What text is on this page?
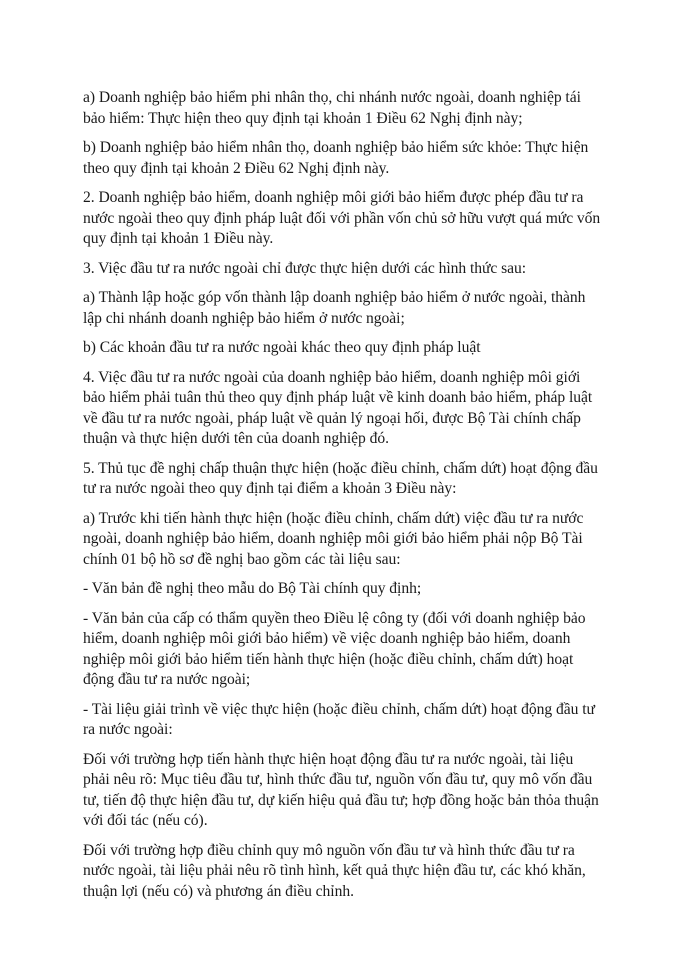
a) Doanh nghiệp bảo hiểm phi nhân thọ, chi nhánh nước ngoài, doanh nghiệp tái
bảo hiểm: Thực hiện theo quy định tại khoản 1 Điều 62 Nghị định này;

b) Doanh nghiệp bảo hiểm nhân thọ, doanh nghiệp bảo hiểm sức khỏe: Thực hiện
theo quy định tại khoản 2 Điều 62 Nghị định này.

2. Doanh nghiệp bảo hiểm, doanh nghiệp môi giới bảo hiểm được phép đầu tư ra
nước ngoài theo quy định pháp luật đối với phần vốn chủ sở hữu vượt quá mức vốn
quy định tại khoản 1 Điều này.

3. Việc đầu tư ra nước ngoài chỉ được thực hiện dưới các hình thức sau:

a) Thành lập hoặc góp vốn thành lập doanh nghiệp bảo hiểm ở nước ngoài, thành
lập chi nhánh doanh nghiệp bảo hiểm ở nước ngoài;

b) Các khoản đầu tư ra nước ngoài khác theo quy định pháp luật

4. Việc đầu tư ra nước ngoài của doanh nghiệp bảo hiểm, doanh nghiệp môi giới
bảo hiểm phải tuân thủ theo quy định pháp luật về kinh doanh bảo hiểm, pháp luật
về đầu tư ra nước ngoài, pháp luật về quản lý ngoại hối, được Bộ Tài chính chấp
thuận và thực hiện dưới tên của doanh nghiệp đó.

5. Thủ tục đề nghị chấp thuận thực hiện (hoặc điều chỉnh, chấm dứt) hoạt động đầu
tư ra nước ngoài theo quy định tại điểm a khoản 3 Điều này:

a) Trước khi tiến hành thực hiện (hoặc điều chỉnh, chấm dứt) việc đầu tư ra nước
ngoài, doanh nghiệp bảo hiểm, doanh nghiệp môi giới bảo hiểm phải nộp Bộ Tài
chính 01 bộ hồ sơ đề nghị bao gồm các tài liệu sau:

- Văn bản đề nghị theo mẫu do Bộ Tài chính quy định;

- Văn bản của cấp có thẩm quyền theo Điều lệ công ty (đối với doanh nghiệp bảo
hiểm, doanh nghiệp môi giới bảo hiểm) về việc doanh nghiệp bảo hiểm, doanh
nghiệp môi giới bảo hiểm tiến hành thực hiện (hoặc điều chỉnh, chấm dứt) hoạt
động đầu tư ra nước ngoài;

- Tài liệu giải trình về việc thực hiện (hoặc điều chỉnh, chấm dứt) hoạt động đầu tư
ra nước ngoài:

Đối với trường hợp tiến hành thực hiện hoạt động đầu tư ra nước ngoài, tài liệu
phải nêu rõ: Mục tiêu đầu tư, hình thức đầu tư, nguồn vốn đầu tư, quy mô vốn đầu
tư, tiến độ thực hiện đầu tư, dự kiến hiệu quả đầu tư; hợp đồng hoặc bản thỏa thuận
với đối tác (nếu có).

Đối với trường hợp điều chỉnh quy mô nguồn vốn đầu tư và hình thức đầu tư ra
nước ngoài, tài liệu phải nêu rõ tình hình, kết quả thực hiện đầu tư, các khó khăn,
thuận lợi (nếu có) và phương án điều chỉnh.
